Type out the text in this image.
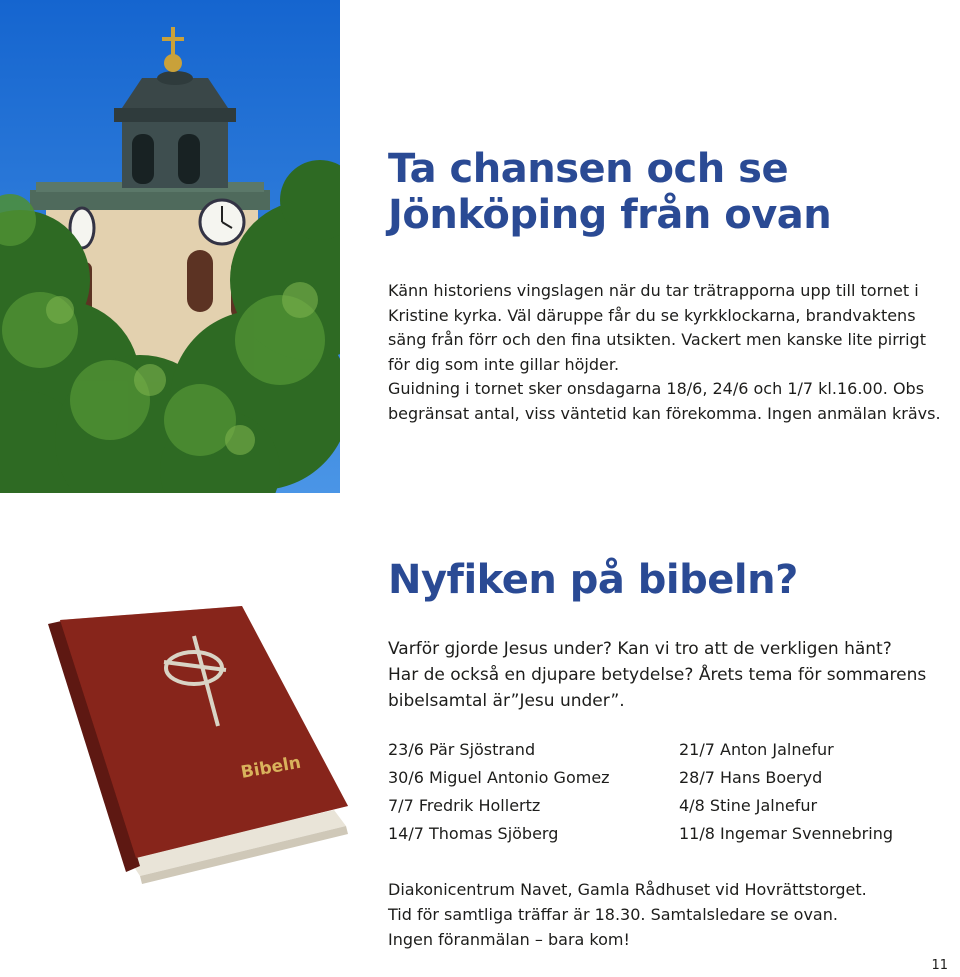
Ta chansen och se
Jönköping från ovan

Känn historiens vingslagen när du tar trätrapporna upp till tornet i Kristine kyrka. Väl däruppe får du se kyrkklockarna, brandvaktens säng från förr och den fina utsikten. Vackert men kanske lite pirrigt för dig som inte gillar höjder.

Guidning i tornet sker onsdagarna 18/6, 24/6 och 1/7 kl.16.00. Obs begränsat antal, viss väntetid kan förekomma. Ingen anmälan krävs.

Bibeln
Nyfiken på bibeln?
Varför gjorde Jesus under? Kan vi tro att de verkligen hänt?
Har de också en djupare betydelse? Årets tema för sommarens
bibelsamtal är”Jesu under”.
23/6 Pär Sjöstrand
30/6 Miguel Antonio Gomez
7/7 Fredrik Hollertz
14/7 Thomas Sjöberg
21/7 Anton Jalnefur
28/7 Hans Boeryd
4/8 Stine Jalnefur
11/8 Ingemar Svennebring
Diakonicentrum Navet, Gamla Rådhuset vid Hovrättstorget.
Tid för samtliga träffar är 18.30. Samtalsledare se ovan.
Ingen föranmälan – bara kom!
11
